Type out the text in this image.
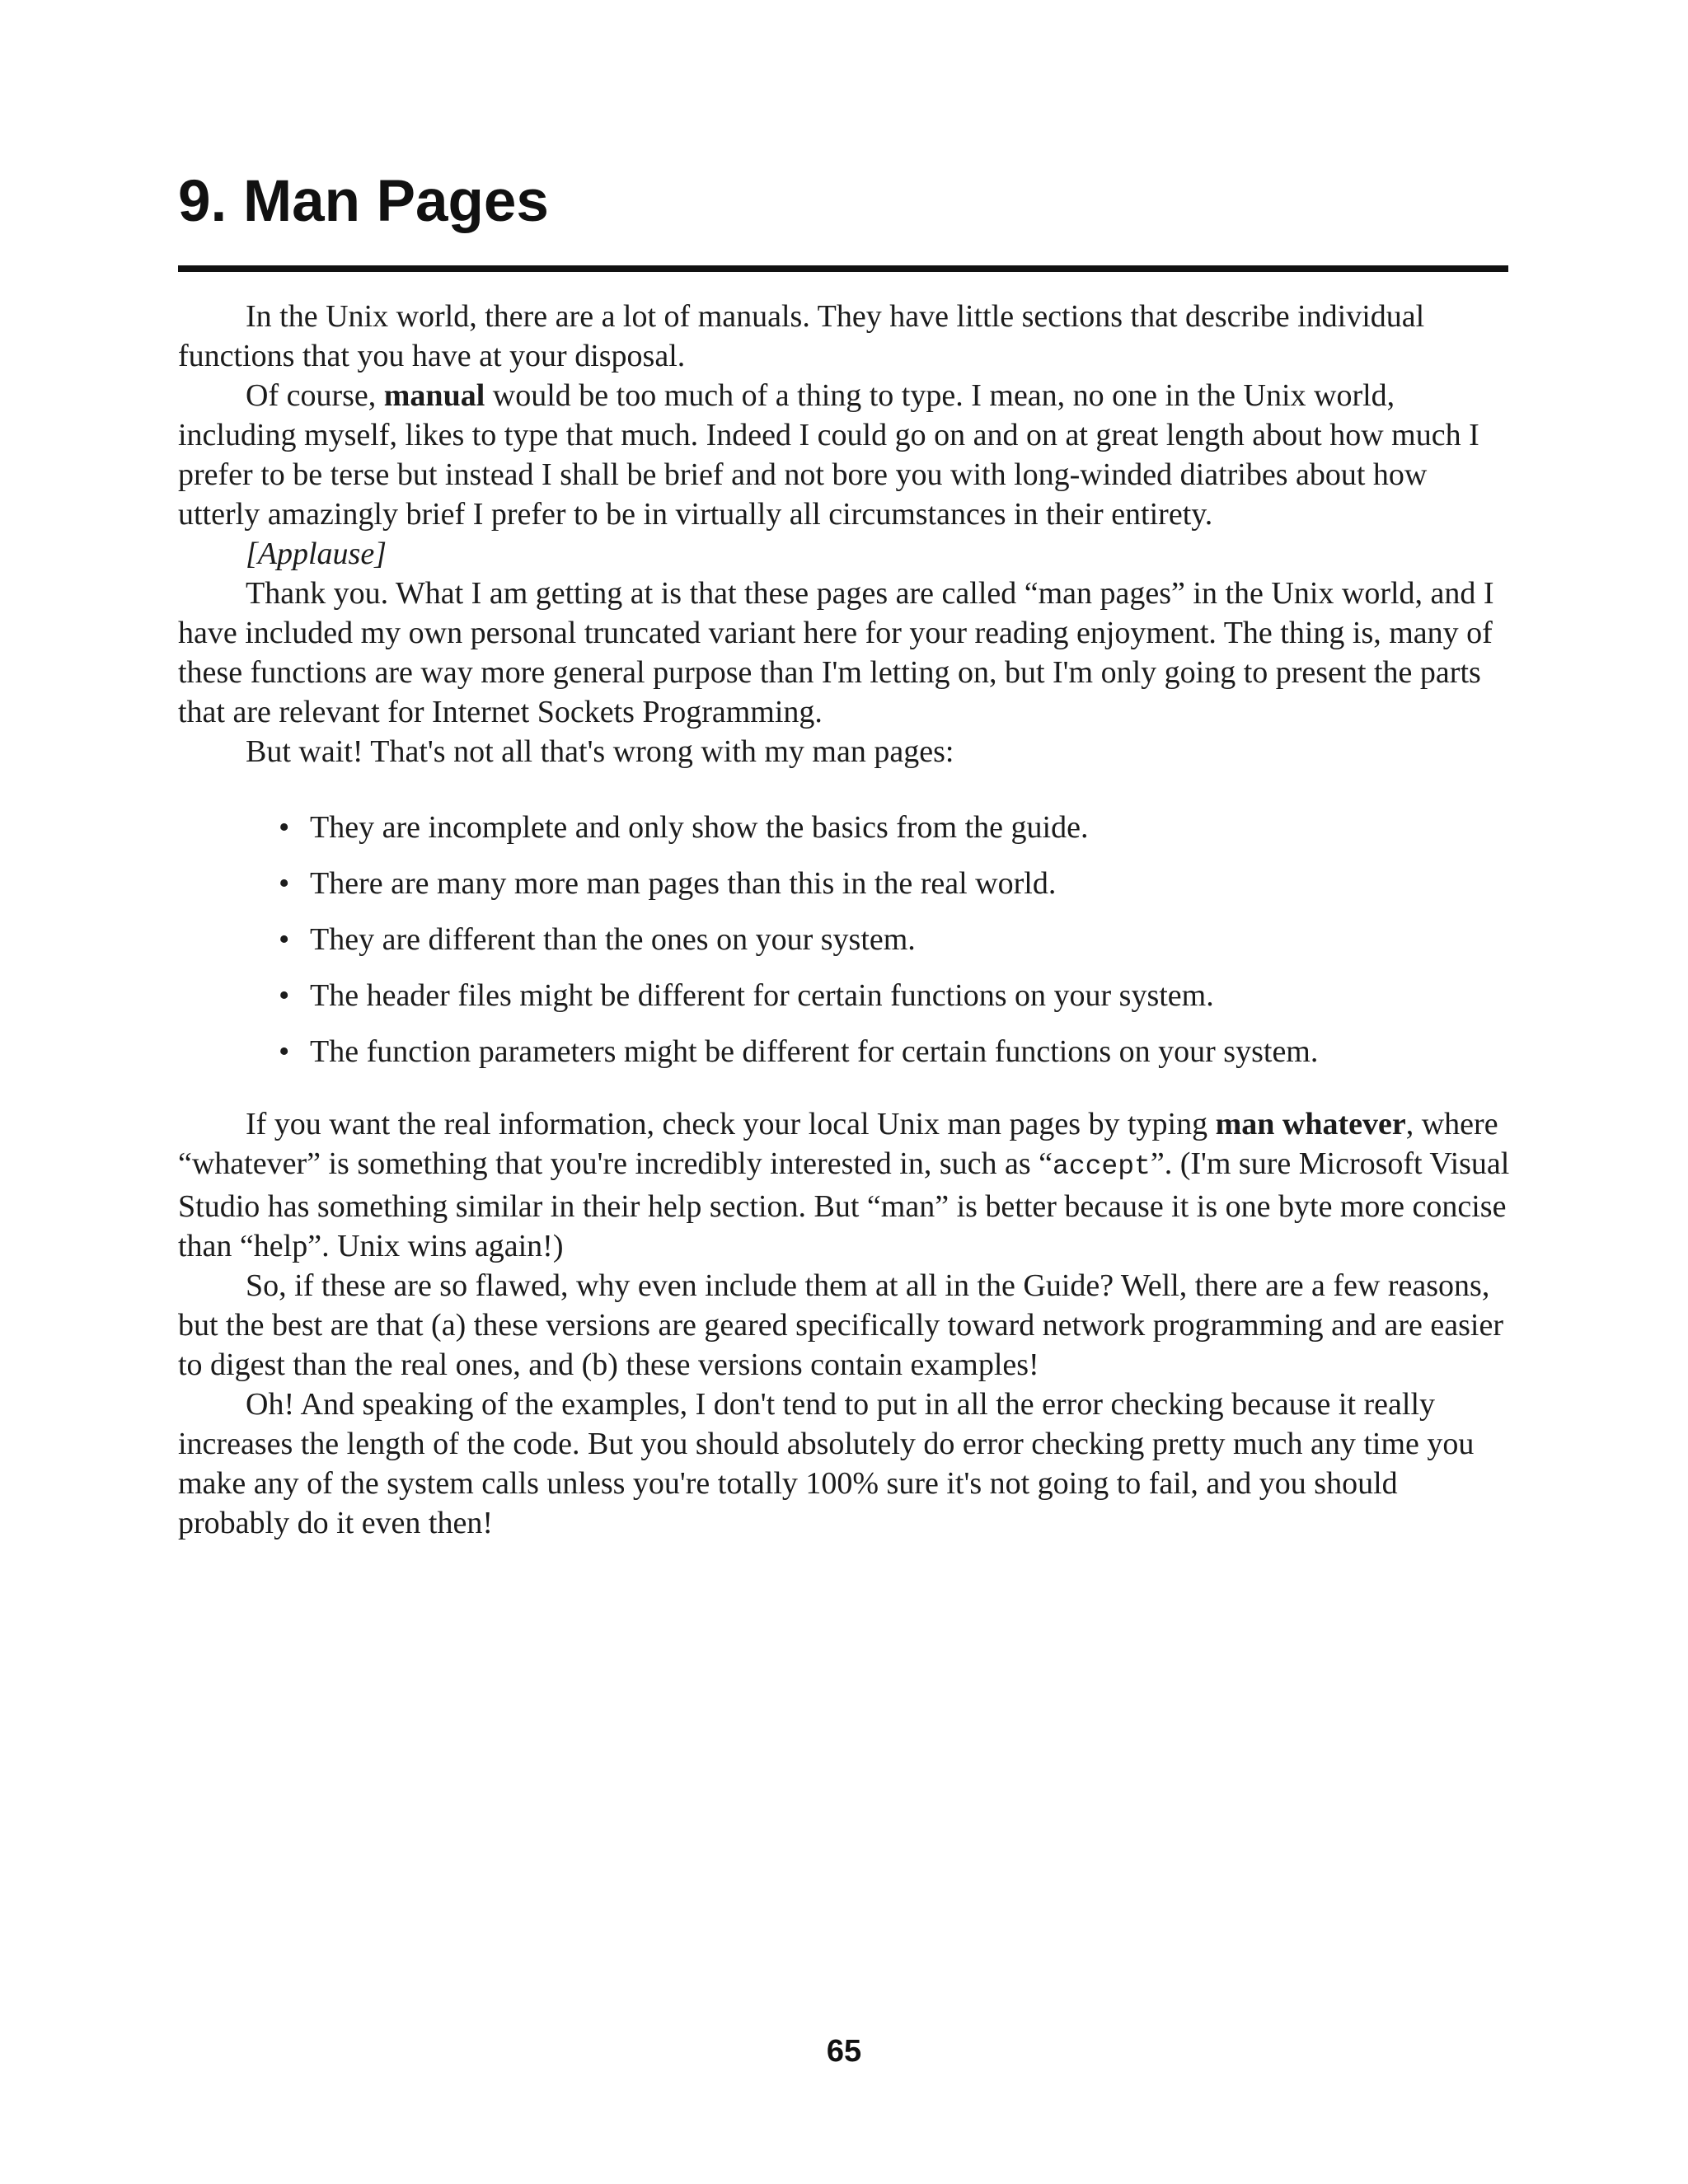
9. Man Pages

In the Unix world, there are a lot of manuals. They have little sections that describe individual functions that you have at your disposal.

Of course, manual would be too much of a thing to type. I mean, no one in the Unix world, including myself, likes to type that much. Indeed I could go on and on at great length about how much I prefer to be terse but instead I shall be brief and not bore you with long-winded diatribes about how utterly amazingly brief I prefer to be in virtually all circumstances in their entirety.

[Applause]

Thank you. What I am getting at is that these pages are called “man pages” in the Unix world, and I have included my own personal truncated variant here for your reading enjoyment. The thing is, many of these functions are way more general purpose than I'm letting on, but I'm only going to present the parts that are relevant for Internet Sockets Programming.

But wait! That's not all that's wrong with my man pages:

• They are incomplete and only show the basics from the guide.
• There are many more man pages than this in the real world.
• They are different than the ones on your system.
• The header files might be different for certain functions on your system.
• The function parameters might be different for certain functions on your system.

If you want the real information, check your local Unix man pages by typing man whatever, where “whatever” is something that you're incredibly interested in, such as “accept”. (I'm sure Microsoft Visual Studio has something similar in their help section. But “man” is better because it is one byte more concise than “help”. Unix wins again!)

So, if these are so flawed, why even include them at all in the Guide? Well, there are a few reasons, but the best are that (a) these versions are geared specifically toward network programming and are easier to digest than the real ones, and (b) these versions contain examples!

Oh! And speaking of the examples, I don't tend to put in all the error checking because it really increases the length of the code. But you should absolutely do error checking pretty much any time you make any of the system calls unless you're totally 100% sure it's not going to fail, and you should probably do it even then!

65
